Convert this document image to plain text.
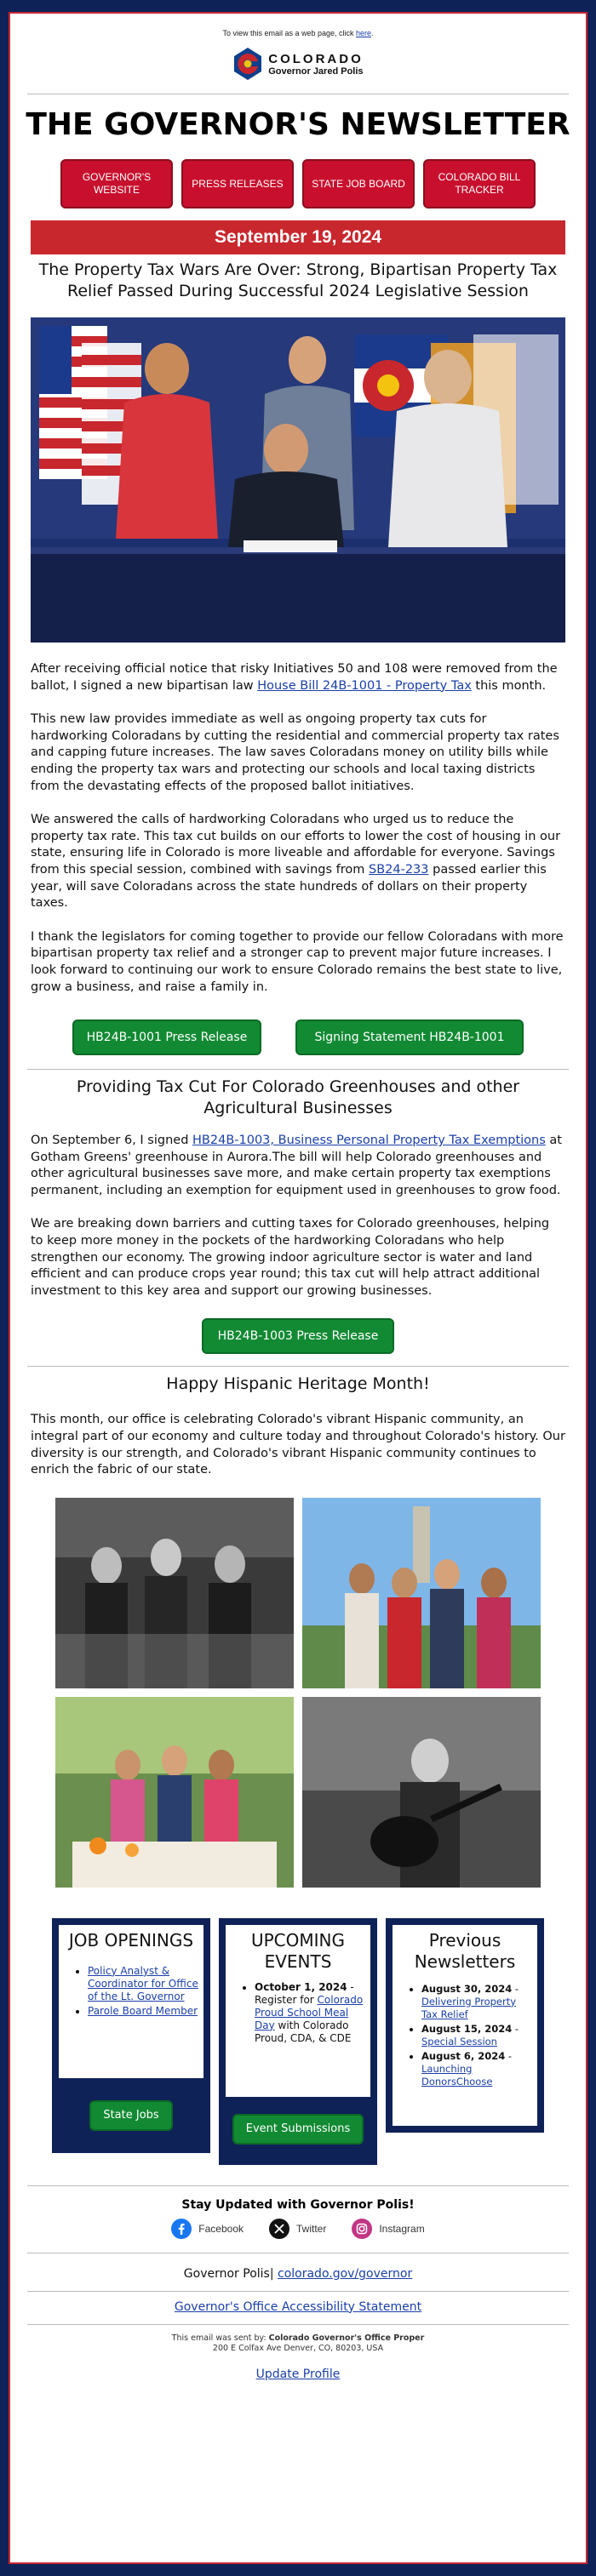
To view this email as a web page, click here.
COLORADO
Governor Jared Polis
THE GOVERNOR'S NEWSLETTER
GOVERNOR'S WEBSITE
PRESS RELEASES	STATE JOB BOARD
COLORADO BILL TRACKER
September 19, 2024
The Property Tax Wars Are Over: Strong, Bipartisan Property Tax Relief Passed During Successful 2024 Legislative Session

After receiving official notice that risky Initiatives 50 and 108 were removed from the ballot, I signed a new bipartisan law House Bill 24B-1001 - Property Tax this month.

This new law provides immediate as well as ongoing property tax cuts for hardworking Coloradans by cutting the residential and commercial property tax rates and capping future increases. The law saves Coloradans money on utility bills while ending the property tax wars and protecting our schools and local taxing districts from the devastating effects of the proposed ballot initiatives.

We answered the calls of hardworking Coloradans who urged us to reduce the property tax rate. This tax cut builds on our efforts to lower the cost of housing in our state, ensuring life in Colorado is more liveable and affordable for everyone. Savings from this special session, combined with savings from SB24-233 passed earlier this year, will save Coloradans across the state hundreds of dollars on their property taxes.

I thank the legislators for coming together to provide our fellow Coloradans with more bipartisan property tax relief and a stronger cap to prevent major future increases. I look forward to continuing our work to ensure Colorado remains the best state to live, grow a business, and raise a family in.

HB24B-1001 Press Release	Signing Statement HB24B-1001
Providing Tax Cut For Colorado Greenhouses and other Agricultural Businesses

On September 6, I signed HB24B-1003, Business Personal Property Tax Exemptions at Gotham Greens' greenhouse in Aurora.The bill will help Colorado greenhouses and other agricultural businesses save more, and make certain property tax exemptions permanent, including an exemption for equipment used in greenhouses to grow food.

We are breaking down barriers and cutting taxes for Colorado greenhouses, helping to keep more money in the pockets of the hardworking Coloradans who help strengthen our economy. The growing indoor agriculture sector is water and land efficient and can produce crops year round; this tax cut will help attract additional investment to this key area and support our growing businesses.

HB24B-1003 Press Release
Happy Hispanic Heritage Month!

This month, our office is celebrating Colorado's vibrant Hispanic community, an integral part of our economy and culture today and throughout Colorado's history. Our diversity is our strength, and Colorado's vibrant Hispanic community continues to enrich the fabric of our state.

JOB OPENINGS
• Policy Analyst & Coordinator for Office of the Lt. Governor
• Parole Board Member
State Jobs
UPCOMING EVENTS
• October 1, 2024 - Register for Colorado Proud School Meal Day with Colorado Proud, CDA, & CDE
Event Submissions
Previous Newsletters
• August 30, 2024 - Delivering Property Tax Relief
• August 15, 2024 - Special Session
• August 6, 2024 - Launching DonorsChoose
Stay Updated with Governor Polis!
Facebook	Twitter	Instagram
Governor Polis| colorado.gov/governor
Governor's Office Accessibility Statement
This email was sent by: Colorado Governor's Office Proper
200 E Colfax Ave Denver, CO, 80203, USA
Update Profile
